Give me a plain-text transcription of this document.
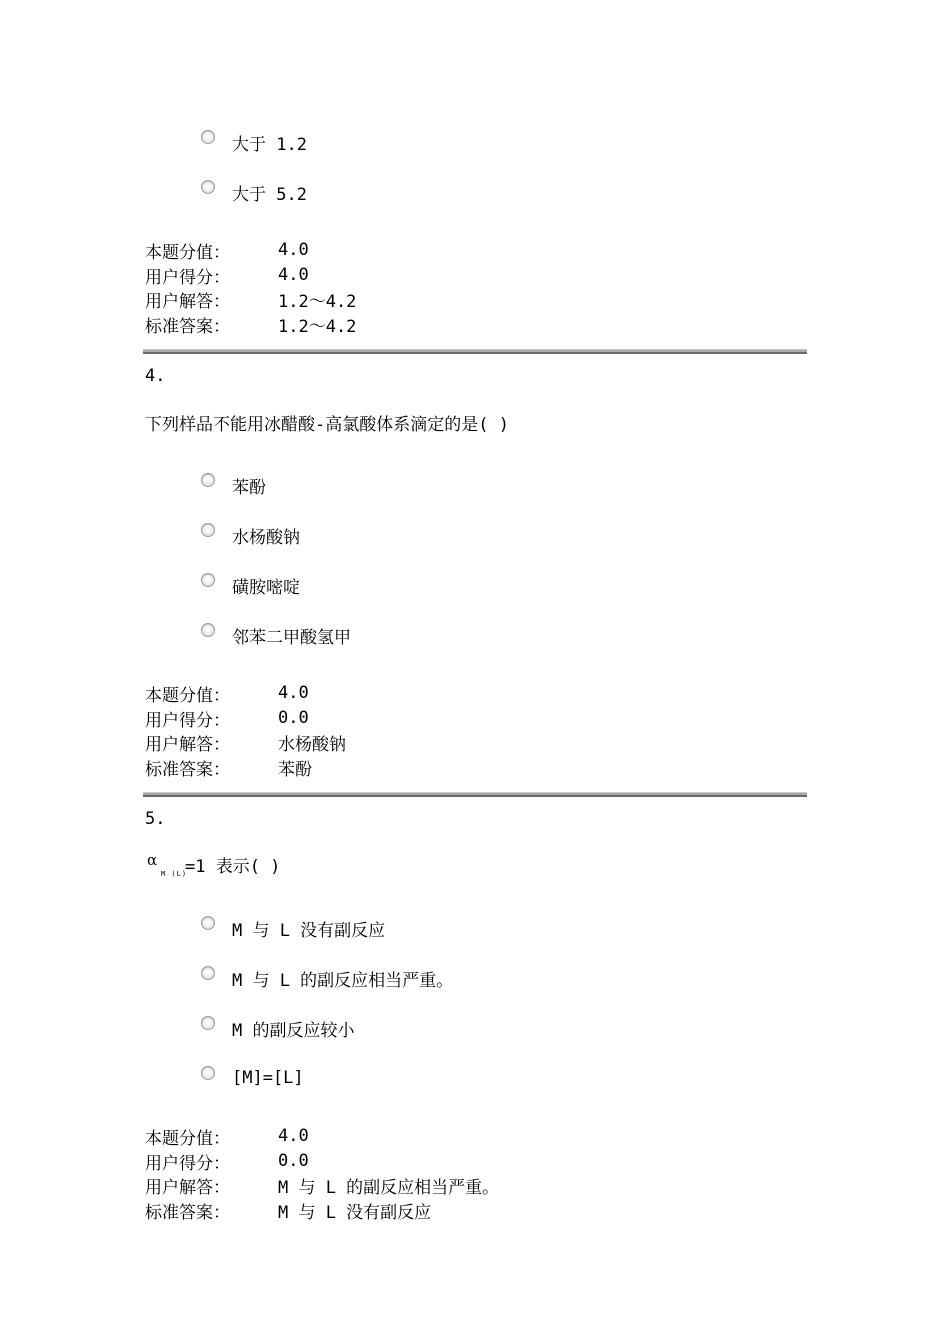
大于 1.2
大于 5.2
本题分值：	4.0
用户得分：	4.0
用户解答：	1.2～4.2
标准答案：	1.2～4.2
4.
下列样品不能用冰醋酸-高氯酸体系滴定的是( )
苯酚
水杨酸钠
磺胺嘧啶
邻苯二甲酸氢甲
本题分值：	4.0
用户得分：	0.0
用户解答：	水杨酸钠
标准答案：	苯酚
5.
α
M (L)
=1 表示( )
M 与 L 没有副反应
M 与 L 的副反应相当严重。
M 的副反应较小
[M]=[L]
本题分值：	4.0
用户得分：	0.0
用户解答：	M 与 L 的副反应相当严重。
标准答案：	M 与 L 没有副反应
